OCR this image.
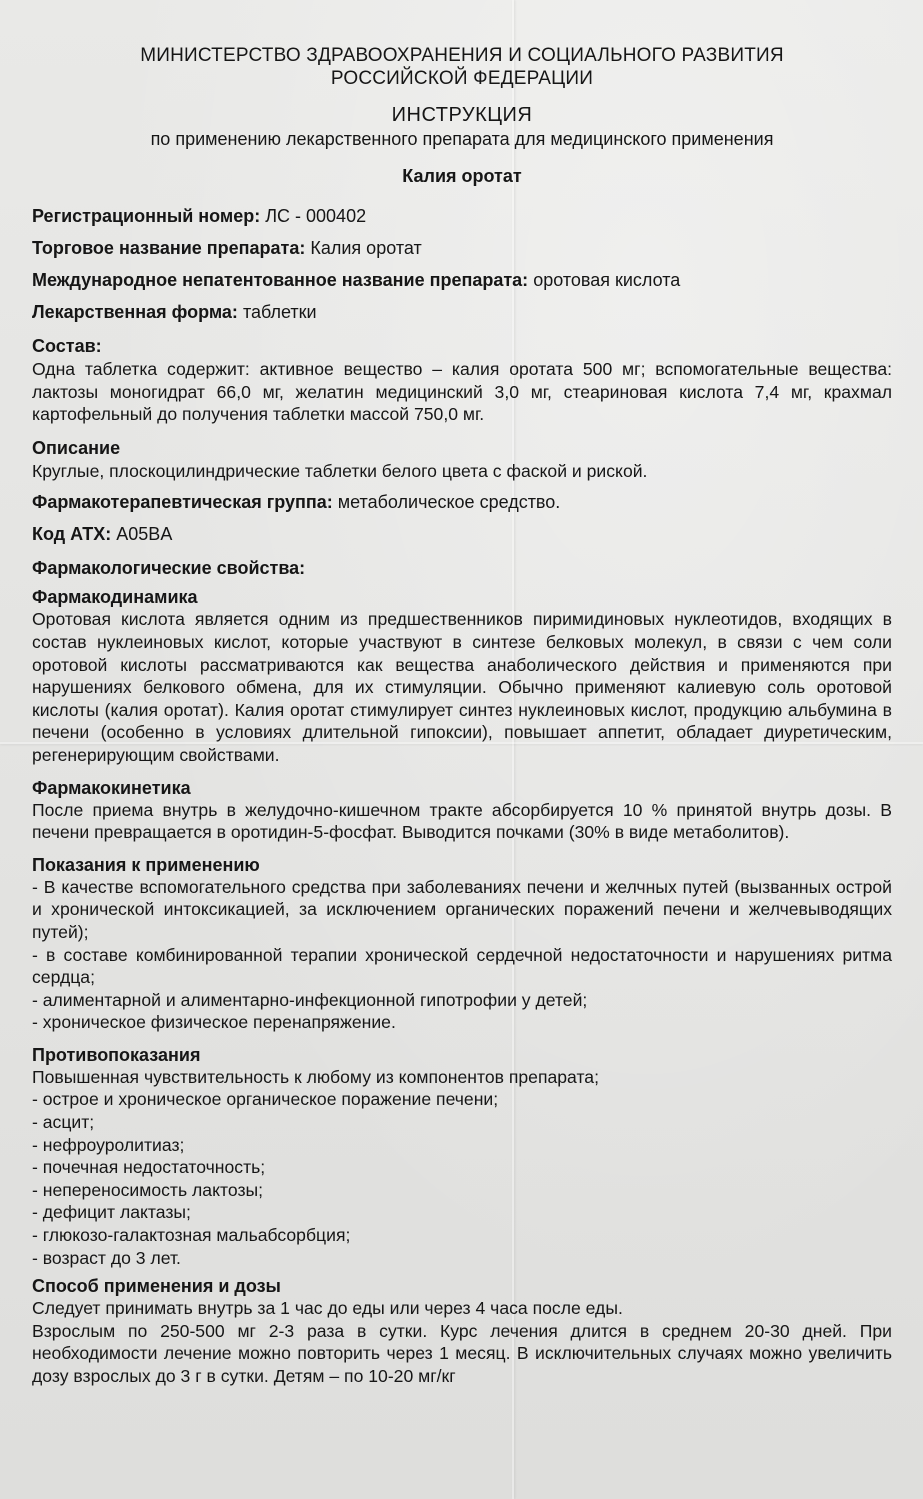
МИНИСТЕРСТВО ЗДРАВООХРАНЕНИЯ И СОЦИАЛЬНОГО РАЗВИТИЯ
РОССИЙСКОЙ ФЕДЕРАЦИИ
ИНСТРУКЦИЯ
по применению лекарственного препарата для медицинского применения
Калия оротат
Регистрационный номер: ЛС - 000402
Торговое название препарата: Калия оротат
Международное непатентованное название препарата: оротовая кислота
Лекарственная форма: таблетки
Состав:

Одна таблетка содержит: активное вещество – калия оротата 500 мг; вспомогательные вещества: лактозы моногидрат 66,0 мг, желатин медицинский 3,0 мг, стеариновая кислота 7,4 мг, крахмал картофельный до получения таблетки массой 750,0 мг.

Описание

Круглые, плоскоцилиндрические таблетки белого цвета с фаской и риской.

Фармакотерапевтическая группа: метаболическое средство.
Код АТХ: A05BA
Фармакологические свойства:
Фармакодинамика

Оротовая кислота является одним из предшественников пиримидиновых нуклеотидов, входящих в состав нуклеиновых кислот, которые участвуют в синтезе белковых молекул, в связи с чем соли оротовой кислоты рассматриваются как вещества анаболического действия и применяются при нарушениях белкового обмена, для их стимуляции. Обычно применяют калиевую соль оротовой кислоты (калия оротат). Калия оротат стимулирует синтез нуклеиновых кислот, продукцию альбумина в печени (особенно в условиях длительной гипоксии), повышает аппетит, обладает диуретическим, регенерирующим свойствами.

Фармакокинетика

После приема внутрь в желудочно-кишечном тракте абсорбируется 10 % принятой внутрь дозы. В печени превращается в оротидин-5-фосфат. Выводится почками (30% в виде метаболитов).

Показания к применению
- В качестве вспомогательного средства при заболеваниях печени и желчных путей (вызванных острой и хронической интоксикацией, за исключением органических поражений печени и желчевыводящих путей);
- в составе комбинированной терапии хронической сердечной недостаточности и нарушениях ритма сердца;
- алиментарной и алиментарно-инфекционной гипотрофии у детей;
- хроническое физическое перенапряжение.
Противопоказания
Повышенная чувствительность к любому из компонентов препарата;
- острое и хроническое органическое поражение печени;
- асцит;
- нефроуролитиаз;
- почечная недостаточность;
- непереносимость лактозы;
- дефицит лактазы;
- глюкозо-галактозная мальабсорбция;
- возраст до 3 лет.
Способ применения и дозы

Следует принимать внутрь за 1 час до еды или через 4 часа после еды.

Взрослым по 250-500 мг 2-3 раза в сутки. Курс лечения длится в среднем 20-30 дней. При необходимости лечение можно повторить через 1 месяц. В исключительных случаях можно увеличить дозу взрослых до 3 г в сутки. Детям – по 10-20 мг/кг
